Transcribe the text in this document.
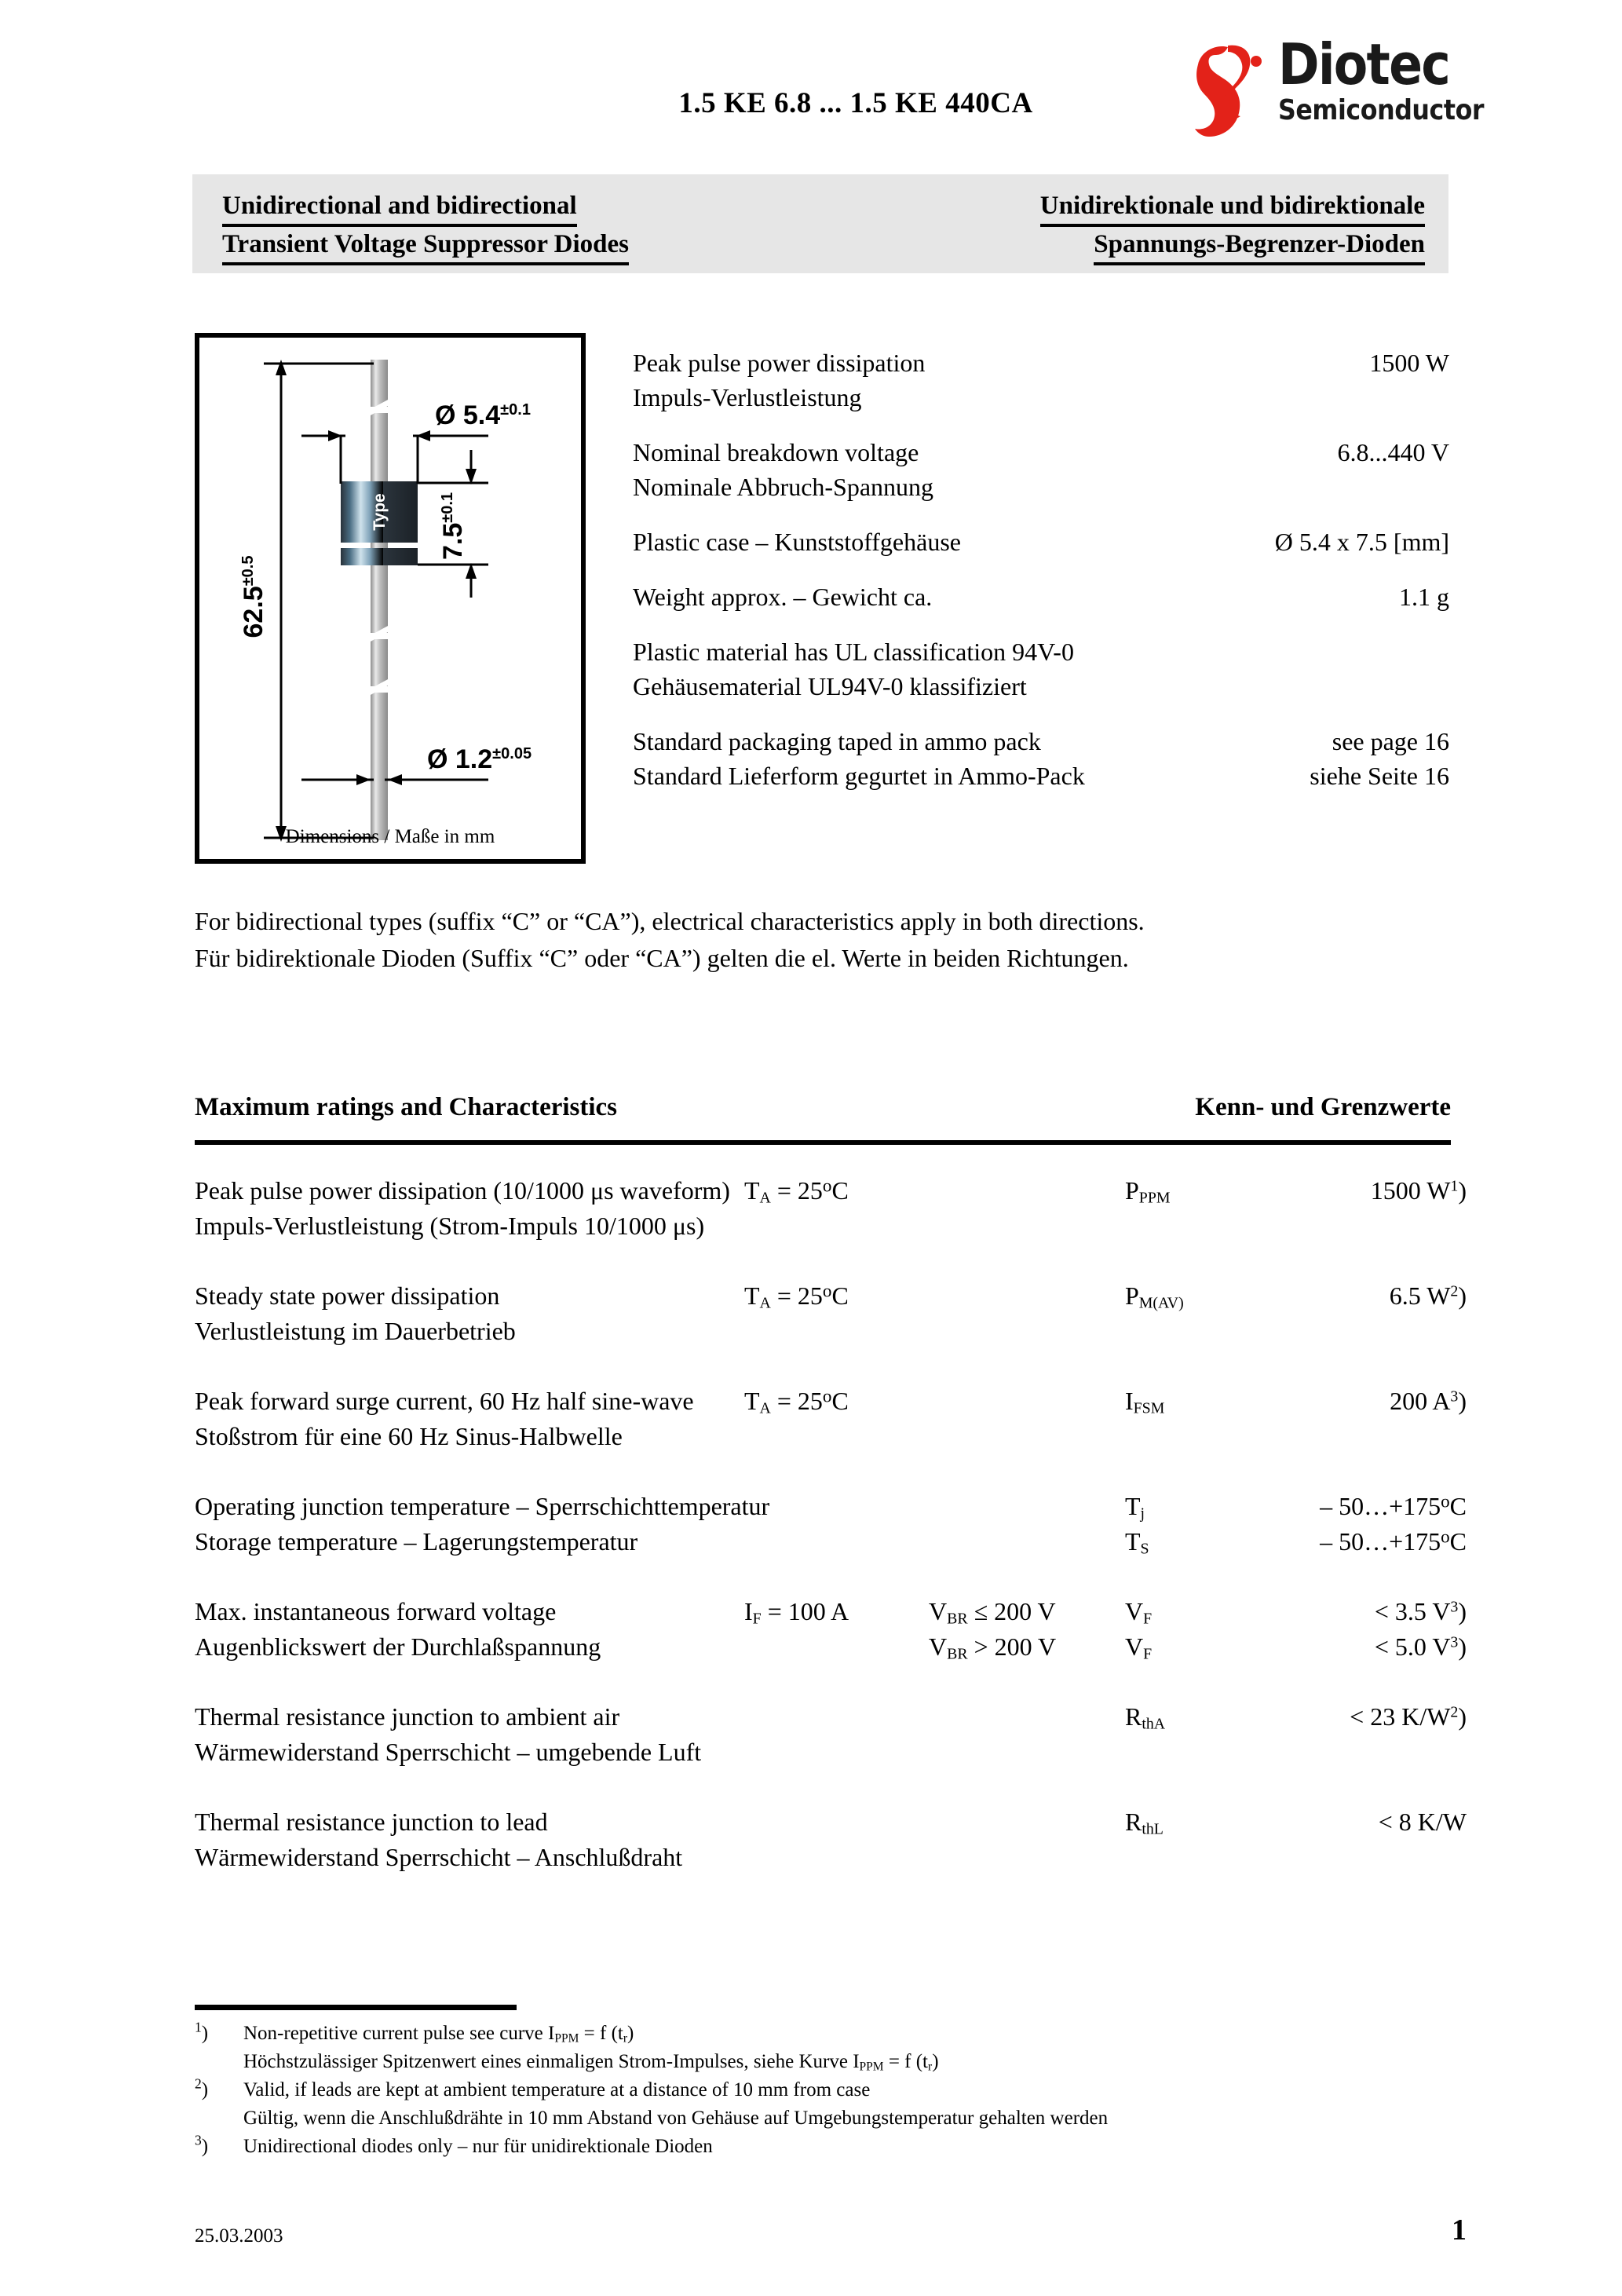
1.5 KE 6.8 ... 1.5 KE 440CA
Diotec
Semiconductor
Unidirectional and bidirectional
Transient Voltage Suppressor Diodes
Unidirektionale und bidirektionale
Spannungs-Begrenzer-Dioden
Type
$62.5^{\pm 0.5}$
Ø $5.4^{\pm 0.1}$
$7.5^{\pm 0.1}$
Ø $1.2^{\pm 0.05}$
Dimensions / Maße in mm
Peak pulse power dissipation	1500 W
Impuls-Verlustleistung
Nominal breakdown voltage	6.8...440 V
Nominale Abbruch-Spannung
Plastic case – Kunststoffgehäuse	Ø 5.4 x 7.5 [mm]
Weight approx. – Gewicht ca.	1.1 g
Plastic material has UL classification 94V-0
Gehäusematerial UL94V-0 klassifiziert
Standard packaging taped in ammo pack	see page 16
Standard Lieferform gegurtet in Ammo-Pack	siehe Seite 16
For bidirectional types (suffix “C” or “CA”), electrical characteristics apply in both directions.
Für bidirektionale Dioden (Suffix “C” oder “CA”) gelten die el. Werte in beiden Richtungen.
Maximum ratings and Characteristics	Kenn- und Grenzwerte
Peak pulse power dissipation (10/1000 μs waveform)	$T_A = 25^oC$		$P_{PPM}$	1500 $W^1$)
Impuls-Verlustleistung (Strom-Impuls 10/1000 μs)				

Steady state power dissipation	$T_A = 25^oC$		$P_{M(AV)}$	6.5 $W^2$)
Verlustleistung im Dauerbetrieb				

Peak forward surge current, 60 Hz half sine-wave	$T_A = 25^oC$		$I_{FSM}$	200 $A^3$)
Stoßstrom für eine 60 Hz Sinus-Halbwelle				

Operating junction temperature – Sperrschichttemperatur			$T_j$	– $50\dots+175^oC$
Storage temperature – Lagerungstemperatur			$T_S$	– $50\dots+175^oC$

Max. instantaneous forward voltage	$I_F = 100$ A	$V_{BR} \le 200$ V	$V_F$	< 3.5 $V^3$)
Augenblickswert der Durchlaßspannung		$V_{BR} > 200$ V	$V_F$	< 5.0 $V^3$)

Thermal resistance junction to ambient air			$R_{thA}$	< 23 $K/W^2$)
Wärmewiderstand Sperrschicht – umgebende Luft				

Thermal resistance junction to lead			$R_{thL}$	< 8 K/W
Wärmewiderstand Sperrschicht – Anschlußdraht				
$^1$)	Non-repetitive current pulse see curve $I_{PPM} = f$ $(t_r)$
Höchstzulässiger Spitzenwert eines einmaligen Strom-Impulses, siehe Kurve $I_{PPM} = f$ $(t_r)$
$^2$)	Valid, if leads are kept at ambient temperature at a distance of 10 mm from case
Gültig, wenn die Anschlußdrähte in 10 mm Abstand von Gehäuse auf Umgebungstemperatur gehalten werden
$^3$)	Unidirectional diodes only – nur für unidirektionale Dioden
25.03.2003	1
